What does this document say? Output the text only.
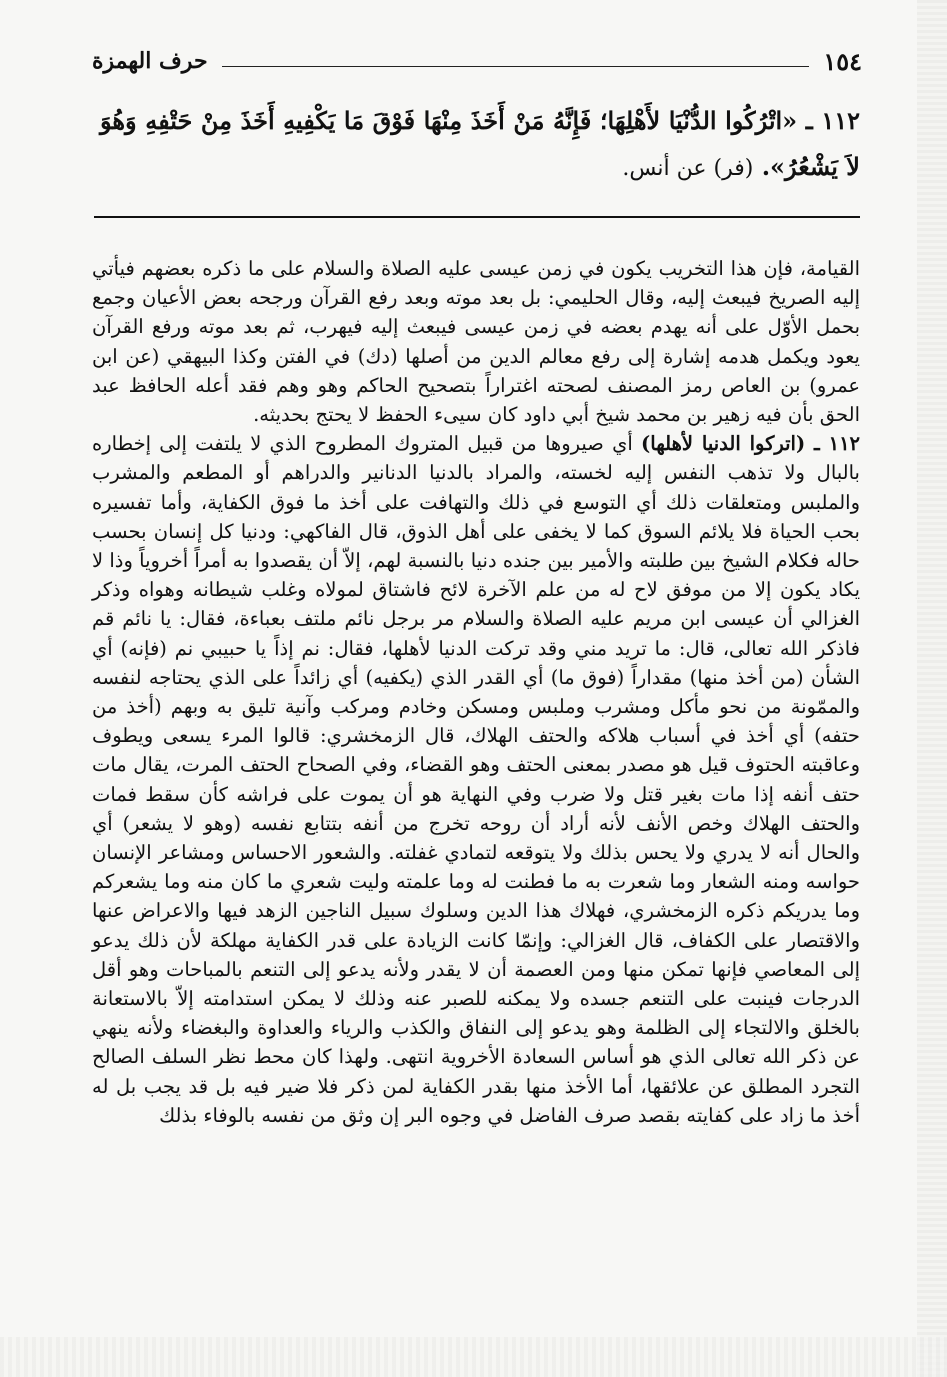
١٥٤
حرف الهمزة
١١٢ ـ «اتْرُكُوا الدُّنْيَا لأَهْلِهَا؛ فَإِنَّهُ مَنْ أَخَذَ مِنْهَا فَوْقَ مَا يَكْفِيهِ أَخَذَ مِنْ حَتْفِهِ وَهُوَ لاَ يَشْعُرُ». (فر) عن أنس.

القيامة، فإن هذا التخريب يكون في زمن عيسى عليه الصلاة والسلام على ما ذكره بعضهم فيأتي إليه الصريخ فيبعث إليه، وقال الحليمي: بل بعد موته وبعد رفع القرآن ورجحه بعض الأعيان وجمع بحمل الأوّل على أنه يهدم بعضه في زمن عيسى فيبعث إليه فيهرب، ثم بعد موته ورفع القرآن يعود ويكمل هدمه إشارة إلى رفع معالم الدين من أصلها (دك) في الفتن وكذا البيهقي (عن ابن عمرو) بن العاص رمز المصنف لصحته اغتراراً بتصحيح الحاكم وهو وهم فقد أعله الحافظ عبد الحق بأن فيه زهير بن محمد شيخ أبي داود كان سيىء الحفظ لا يحتج بحديثه.

١١٢ ـ (اتركوا الدنيا لأهلها) أي صيروها من قبيل المتروك المطروح الذي لا يلتفت إلى إخطاره بالبال ولا تذهب النفس إليه لخسته، والمراد بالدنيا الدنانير والدراهم أو المطعم والمشرب والملبس ومتعلقات ذلك أي التوسع في ذلك والتهافت على أخذ ما فوق الكفاية، وأما تفسيره بحب الحياة فلا يلائم السوق كما لا يخفى على أهل الذوق، قال الفاكهي: ودنيا كل إنسان بحسب حاله فكلام الشيخ بين طلبته والأمير بين جنده دنيا بالنسبة لهم، إلاّ أن يقصدوا به أمراً أخروياً وذا لا يكاد يكون إلا من موفق لاح له من علم الآخرة لائح فاشتاق لمولاه وغلب شيطانه وهواه وذكر الغزالي أن عيسى ابن مريم عليه الصلاة والسلام مر برجل نائم ملتف بعباءة، فقال: يا نائم قم فاذكر الله تعالى، قال: ما تريد مني وقد تركت الدنيا لأهلها، فقال: نم إذاً يا حبيبي نم (فإنه) أي الشأن (من أخذ منها) مقداراً (فوق ما) أي القدر الذي (يكفيه) أي زائداً على الذي يحتاجه لنفسه والممّونة من نحو مأكل ومشرب وملبس ومسكن وخادم ومركب وآنية تليق به وبهم (أخذ من حتفه) أي أخذ في أسباب هلاكه والحتف الهلاك، قال الزمخشري: قالوا المرء يسعى ويطوف وعاقبته الحتوف قيل هو مصدر بمعنى الحتف وهو القضاء، وفي الصحاح الحتف المرت، يقال مات حتف أنفه إذا مات بغير قتل ولا ضرب وفي النهاية هو أن يموت على فراشه كأن سقط فمات والحتف الهلاك وخص الأنف لأنه أراد أن روحه تخرج من أنفه بتتابع نفسه (وهو لا يشعر) أي والحال أنه لا يدري ولا يحس بذلك ولا يتوقعه لتمادي غفلته. والشعور الاحساس ومشاعر الإنسان حواسه ومنه الشعار وما شعرت به ما فطنت له وما علمته وليت شعري ما كان منه وما يشعركم وما يدريكم ذكره الزمخشري، فهلاك هذا الدين وسلوك سبيل الناجين الزهد فيها والاعراض عنها والاقتصار على الكفاف، قال الغزالي: وإنمّا كانت الزيادة على قدر الكفاية مهلكة لأن ذلك يدعو إلى المعاصي فإنها تمكن منها ومن العصمة أن لا يقدر ولأنه يدعو إلى التنعم بالمباحات وهو أقل الدرجات فينبت على التنعم جسده ولا يمكنه للصبر عنه وذلك لا يمكن استدامته إلاّ بالاستعانة بالخلق والالتجاء إلى الظلمة وهو يدعو إلى النفاق والكذب والرياء والعداوة والبغضاء ولأنه ينهي عن ذكر الله تعالى الذي هو أساس السعادة الأخروية انتهى. ولهذا كان محط نظر السلف الصالح التجرد المطلق عن علائقها، أما الأخذ منها بقدر الكفاية لمن ذكر فلا ضير فيه بل قد يجب بل له أخذ ما زاد على كفايته بقصد صرف الفاضل في وجوه البر إن وثق من نفسه بالوفاء بذلك
